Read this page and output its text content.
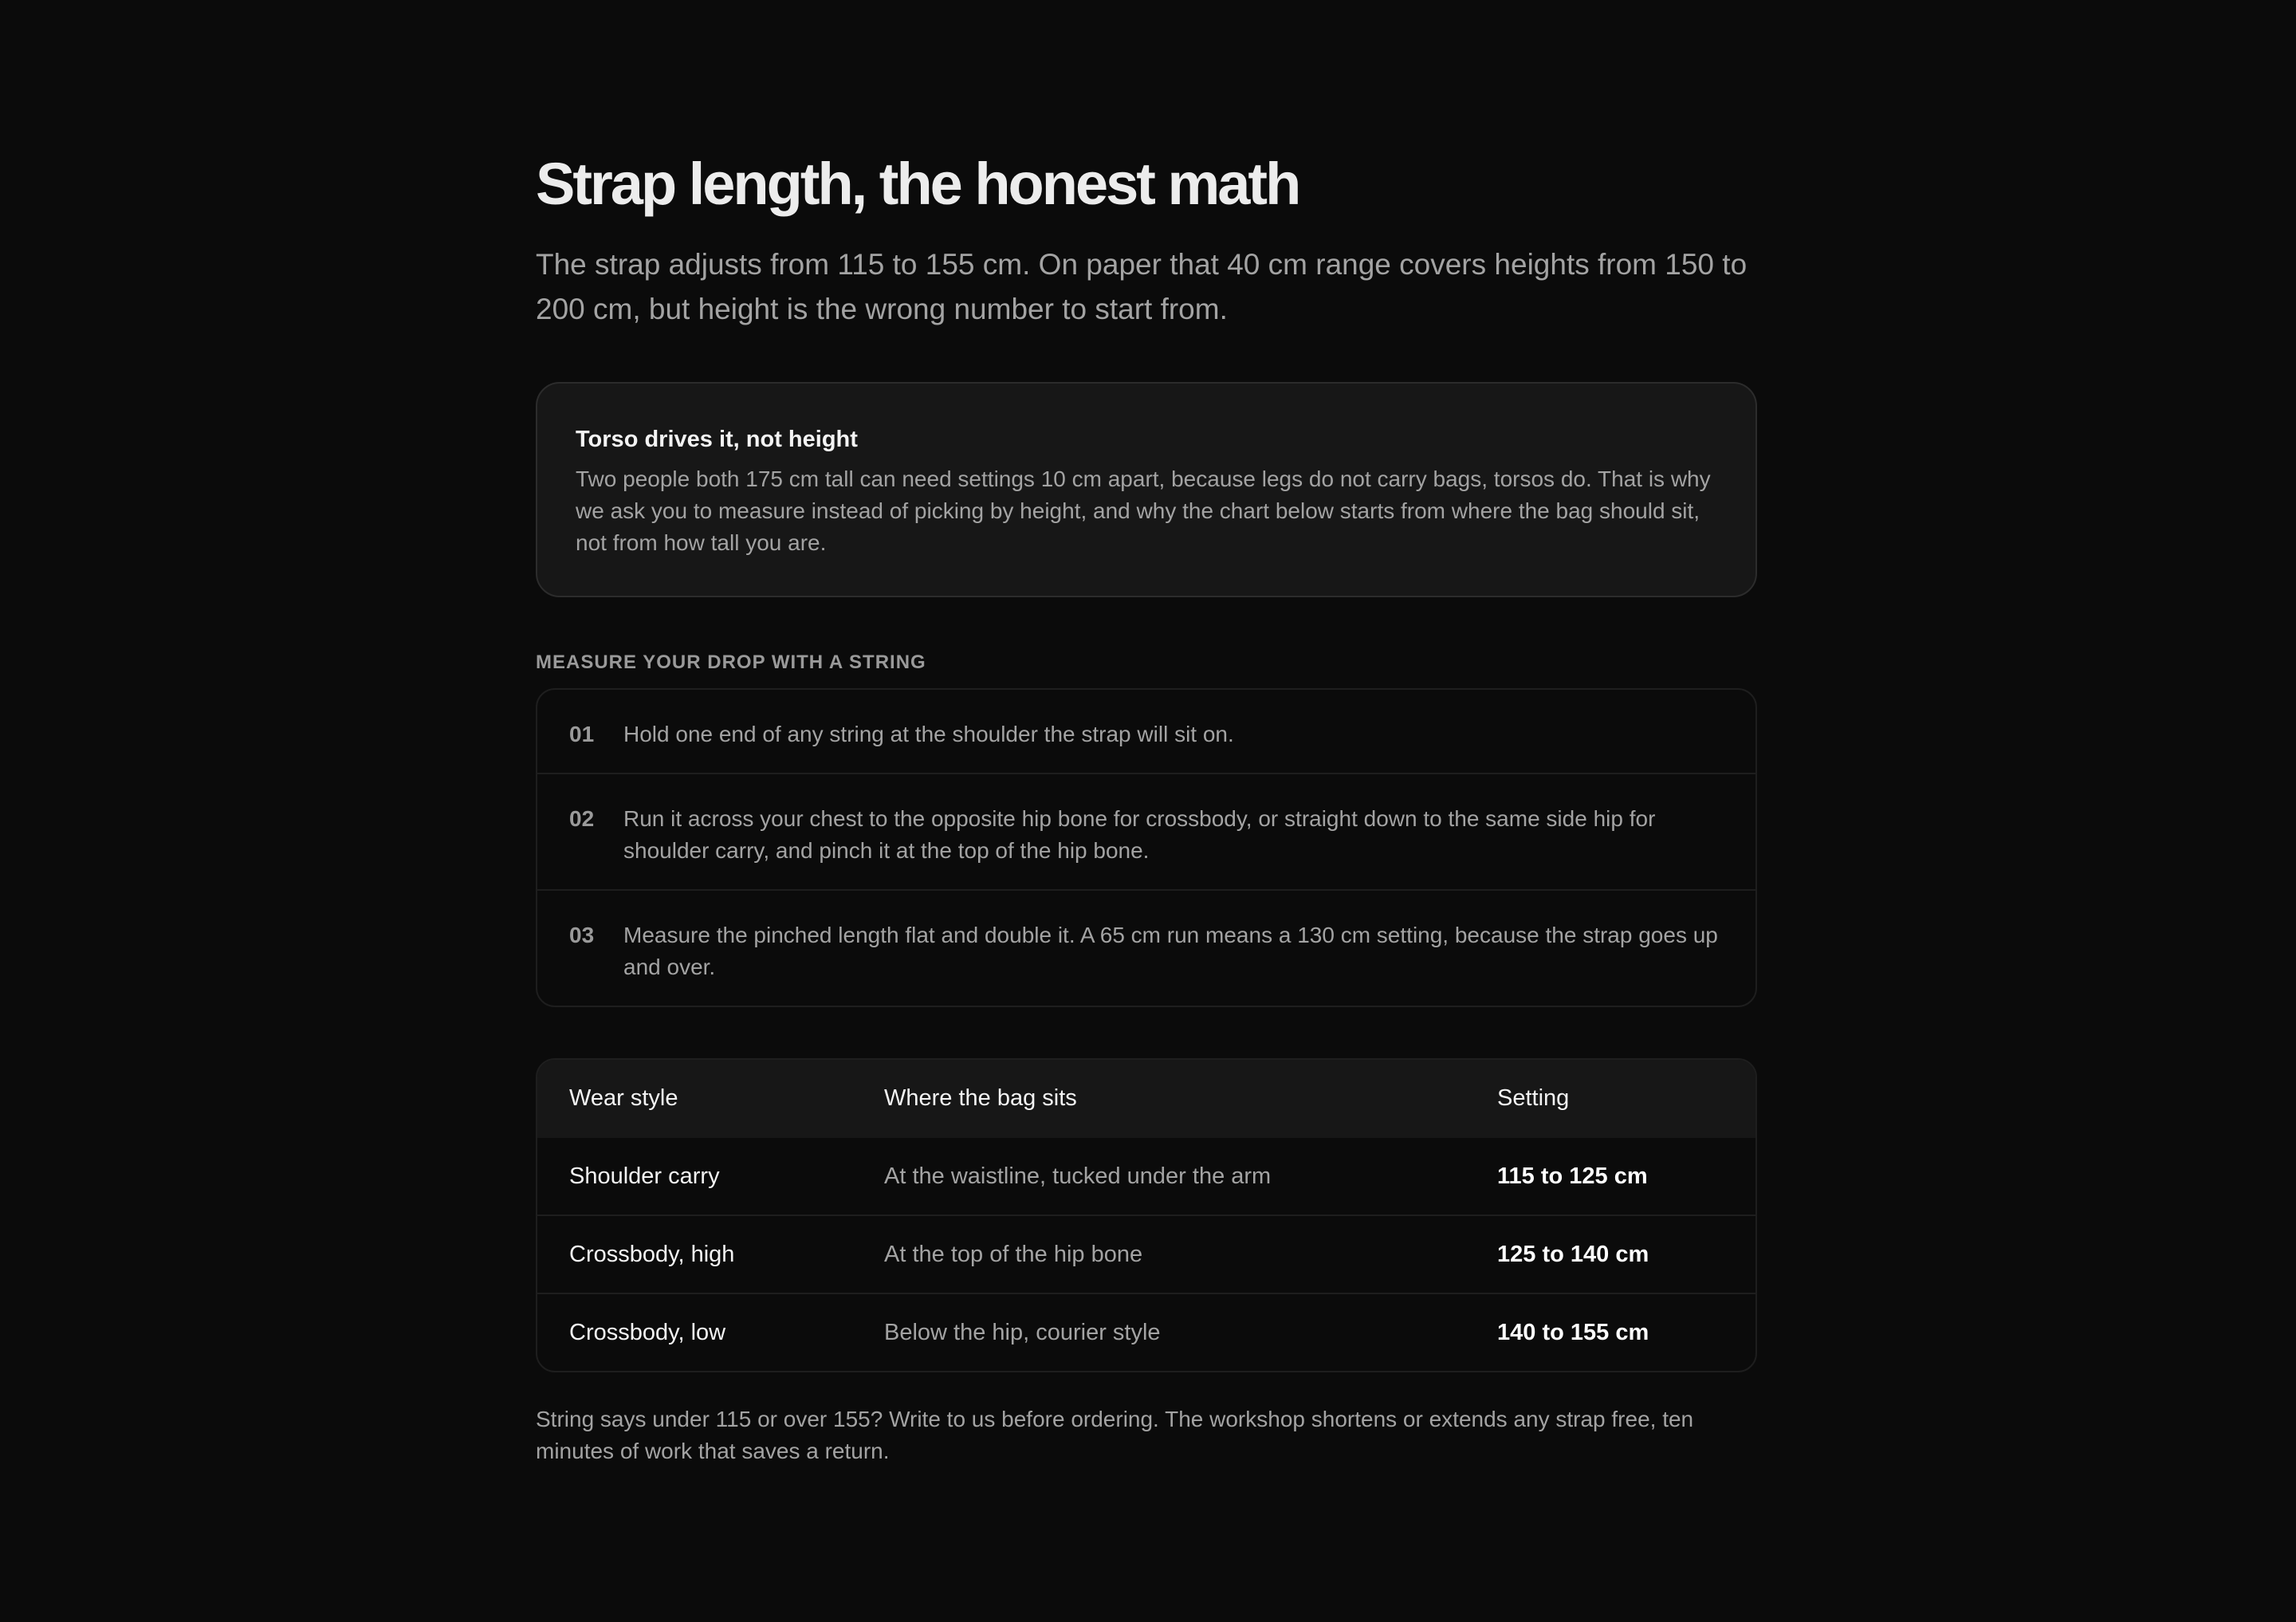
Strap length, the honest math

The strap adjusts from 115 to 155 cm. On paper that 40 cm range covers heights from 150 to 200 cm, but height is the wrong number to start from.

Torso drives it, not height

Two people both 175 cm tall can need settings 10 cm apart, because legs do not carry bags, torsos do. That is why we ask you to measure instead of picking by height, and why the chart below starts from where the bag should sit, not from how tall you are.

MEASURE YOUR DROP WITH A STRING
01 Hold one end of any string at the shoulder the strap will sit on.
02 Run it across your chest to the opposite hip bone for crossbody, or straight down to the same side hip for shoulder carry, and pinch it at the top of the hip bone.
03 Measure the pinched length flat and double it. A 65 cm run means a 130 cm setting, because the strap goes up and over.
Wear style	Where the bag sits	Setting
Shoulder carry	At the waistline, tucked under the arm	115 to 125 cm
Crossbody, high	At the top of the hip bone	125 to 140 cm
Crossbody, low	Below the hip, courier style	140 to 155 cm

String says under 115 or over 155? Write to us before ordering. The workshop shortens or extends any strap free, ten minutes of work that saves a return.
